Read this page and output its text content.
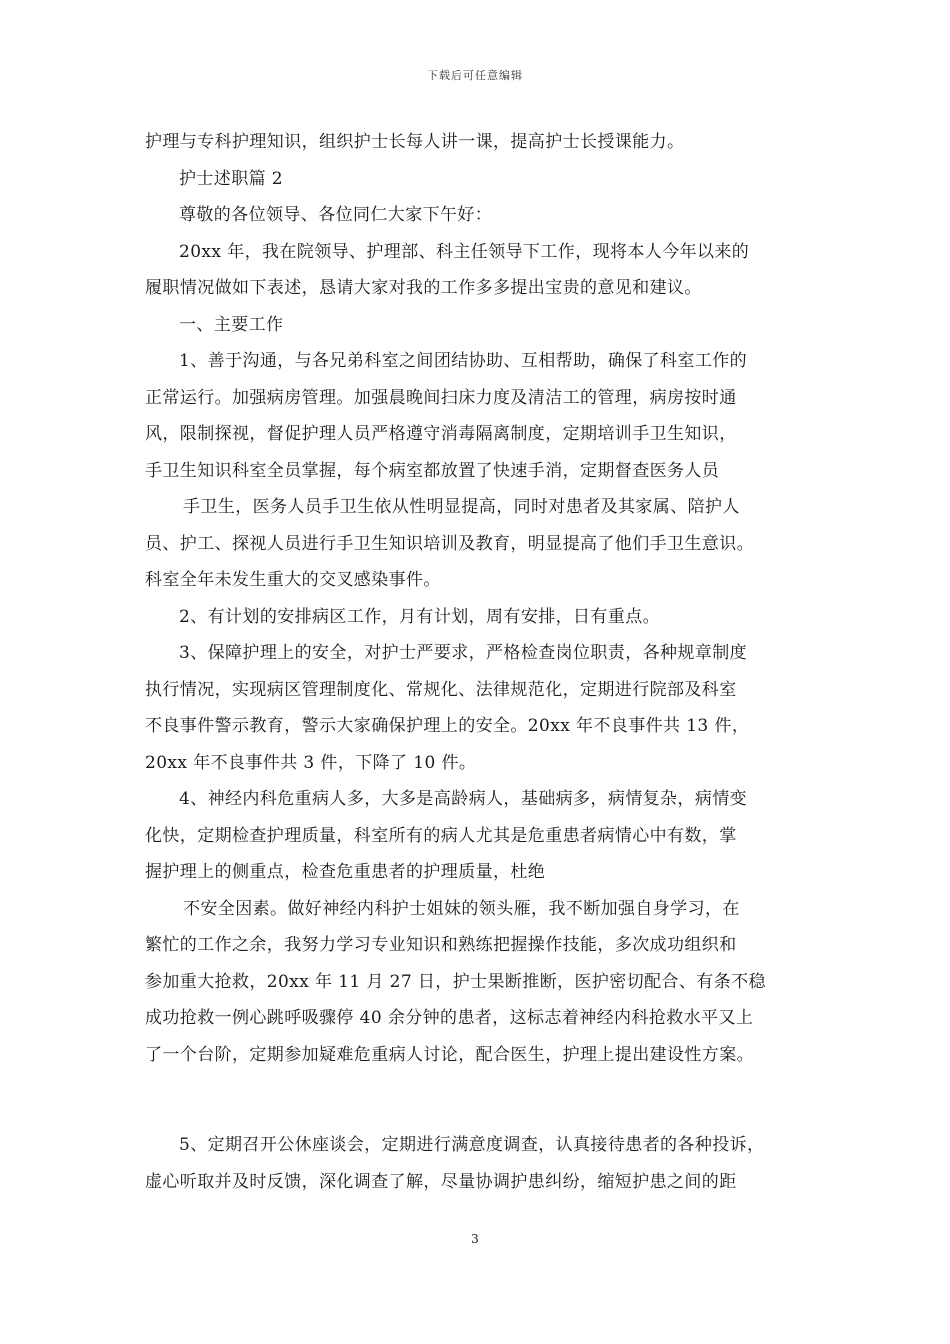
下载后可任意编辑

护理与专科护理知识，组织护士长每人讲一课，提高护士长授课能力。

护士述职篇 2

尊敬的各位领导、各位同仁大家下午好：

20xx 年，我在院领导、护理部、科主任领导下工作，现将本人今年以来的

履职情况做如下表述，恳请大家对我的工作多多提出宝贵的意见和建议。

一、主要工作

1、善于沟通，与各兄弟科室之间团结协助、互相帮助，确保了科室工作的

正常运行。加强病房管理。加强晨晚间扫床力度及清洁工的管理，病房按时通

风，限制探视，督促护理人员严格遵守消毒隔离制度，定期培训手卫生知识，

手卫生知识科室全员掌握，每个病室都放置了快速手消，定期督查医务人员

手卫生，医务人员手卫生依从性明显提高，同时对患者及其家属、陪护人

员、护工、探视人员进行手卫生知识培训及教育，明显提高了他们手卫生意识。

科室全年未发生重大的交叉感染事件。

2、有计划的安排病区工作，月有计划，周有安排，日有重点。

3、保障护理上的安全，对护士严要求，严格检查岗位职责，各种规章制度

执行情况，实现病区管理制度化、常规化、法律规范化，定期进行院部及科室

不良事件警示教育，警示大家确保护理上的安全。20xx 年不良事件共 13 件，

20xx 年不良事件共 3 件，下降了 10 件。

4、神经内科危重病人多，大多是高龄病人，基础病多，病情复杂，病情变

化快，定期检查护理质量，科室所有的病人尤其是危重患者病情心中有数，掌

握护理上的侧重点，检查危重患者的护理质量，杜绝

不安全因素。做好神经内科护士姐妹的领头雁，我不断加强自身学习，在

繁忙的工作之余，我努力学习专业知识和熟练把握操作技能，多次成功组织和

参加重大抢救，20xx 年 11 月 27 日，护士果断推断，医护密切配合、有条不稳

成功抢救一例心跳呼吸骤停 40 余分钟的患者，这标志着神经内科抢救水平又上

了一个台阶，定期参加疑难危重病人讨论，配合医生，护理上提出建设性方案。

5、定期召开公休座谈会，定期进行满意度调查，认真接待患者的各种投诉，

虚心听取并及时反馈，深化调查了解，尽量协调护患纠纷，缩短护患之间的距

3
